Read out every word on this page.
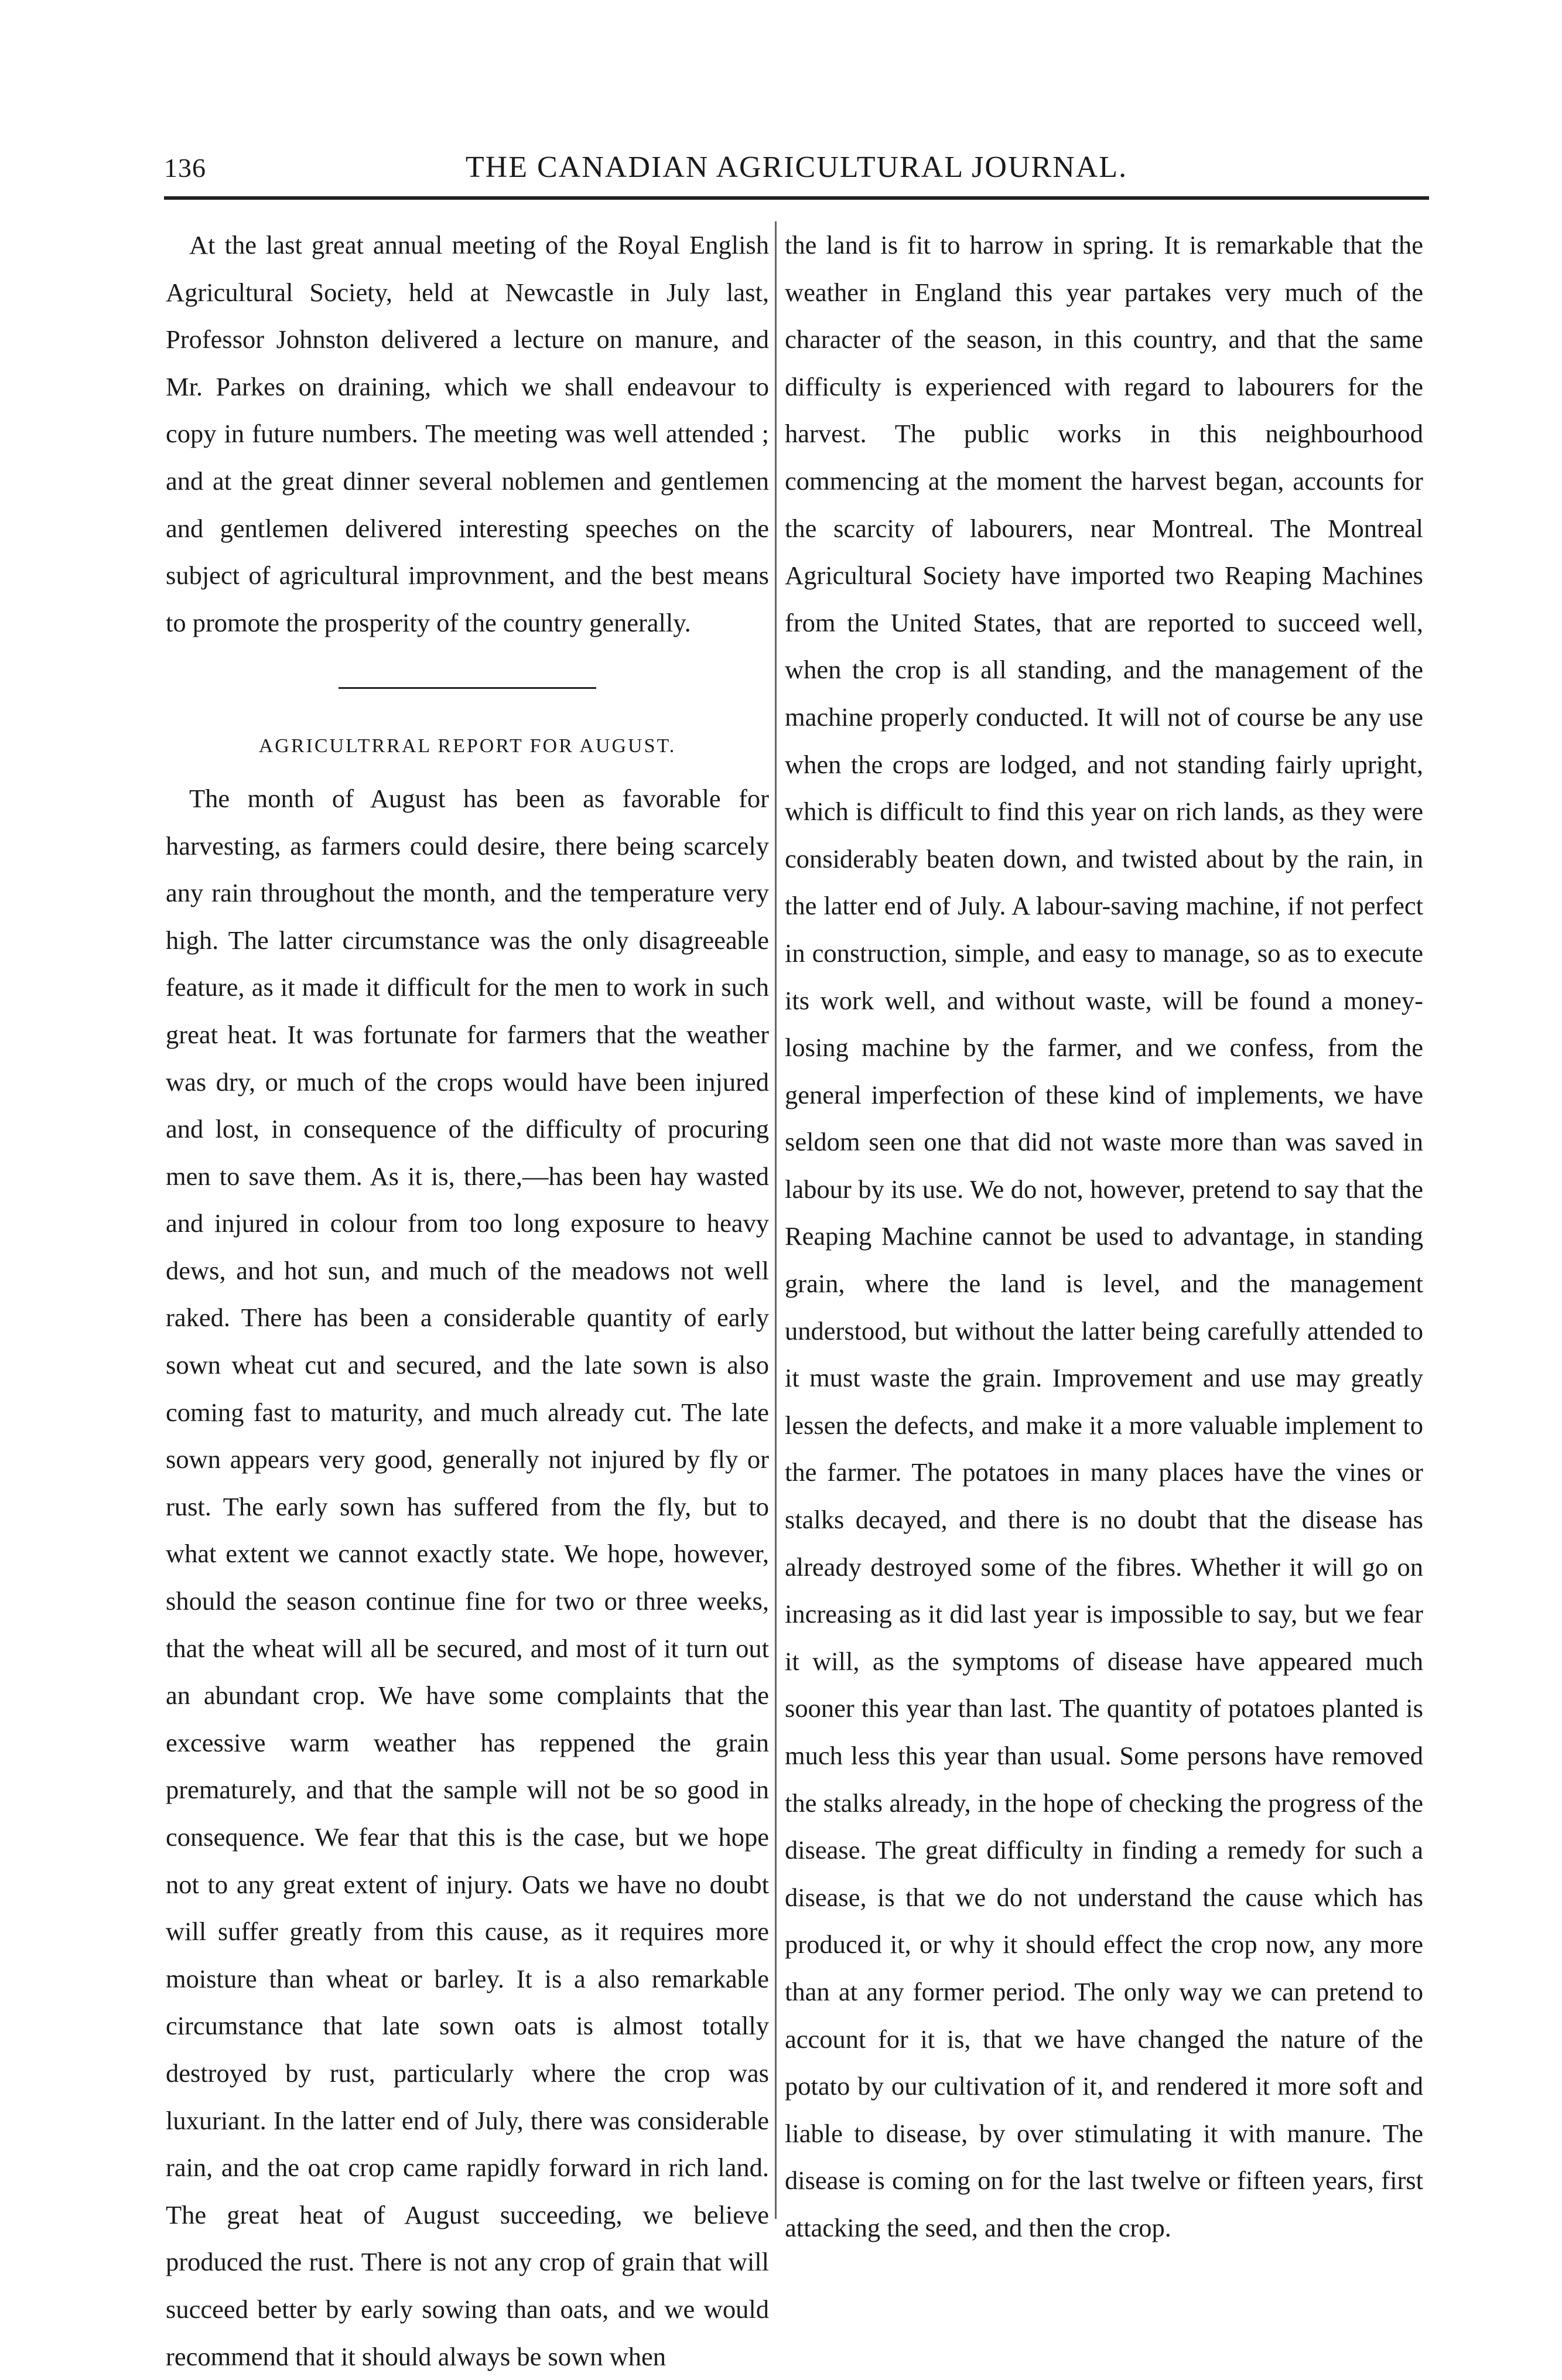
136	THE CANADIAN AGRICULTURAL JOURNAL.

At the last great annual meeting of the Royal English Agricultural Society, held at Newcastle in July last, Professor Johnston delivered a lecture on manure, and Mr. Parkes on draining, which we shall endeavour to copy in future numbers. The meeting was well attended ; and at the great dinner several noblemen and gentlemen and gentlemen delivered interesting speeches on the subject of agricultural improvnment, and the best means to promote the prosperity of the country generally.

AGRICULTRRAL REPORT FOR AUGUST.

The month of August has been as favorable for harvesting, as farmers could desire, there being scarcely any rain throughout the month, and the temperature very high. The latter circumstance was the only disagreeable feature, as it made it difficult for the men to work in such great heat. It was fortunate for farmers that the weather was dry, or much of the crops would have been injured and lost, in consequence of the difficulty of procuring men to save them. As it is, there,—has been hay wasted and injured in colour from too long exposure to heavy dews, and hot sun, and much of the meadows not well raked. There has been a considerable quantity of early sown wheat cut and secured, and the late sown is also coming fast to maturity, and much already cut. The late sown appears very good, generally not injured by fly or rust. The early sown has suffered from the fly, but to what extent we cannot exactly state. We hope, however, should the season continue fine for two or three weeks, that the wheat will all be secured, and most of it turn out an abundant crop. We have some complaints that the excessive warm weather has reppened the grain prematurely, and that the sample will not be so good in consequence. We fear that this is the case, but we hope not to any great extent of injury. Oats we have no doubt will suffer greatly from this cause, as it requires more moisture than wheat or barley. It is a also remarkable circumstance that late sown oats is almost totally destroyed by rust, particularly where the crop was luxuriant. In the latter end of July, there was considerable rain, and the oat crop came rapidly forward in rich land. The great heat of August succeeding, we believe produced the rust. There is not any crop of grain that will succeed better by early sowing than oats, and we would recommend that it should always be sown when

the land is fit to harrow in spring. It is remarkable that the weather in England this year partakes very much of the character of the season, in this country, and that the same difficulty is experienced with regard to labourers for the harvest. The public works in this neighbourhood commencing at the moment the harvest began, accounts for the scarcity of labourers, near Montreal. The Montreal Agricultural Society have imported two Reaping Machines from the United States, that are reported to succeed well, when the crop is all standing, and the management of the machine properly conducted. It will not of course be any use when the crops are lodged, and not standing fairly upright, which is difficult to find this year on rich lands, as they were considerably beaten down, and twisted about by the rain, in the latter end of July. A labour-saving machine, if not perfect in construction, simple, and easy to manage, so as to execute its work well, and without waste, will be found a money-losing machine by the farmer, and we confess, from the general imperfection of these kind of implements, we have seldom seen one that did not waste more than was saved in labour by its use. We do not, however, pretend to say that the Reaping Machine cannot be used to advantage, in standing grain, where the land is level, and the management understood, but without the latter being carefully attended to it must waste the grain. Improvement and use may greatly lessen the defects, and make it a more valuable implement to the farmer. The potatoes in many places have the vines or stalks decayed, and there is no doubt that the disease has already destroyed some of the fibres. Whether it will go on increasing as it did last year is impossible to say, but we fear it will, as the symptoms of disease have appeared much sooner this year than last. The quantity of potatoes planted is much less this year than usual. Some persons have removed the stalks already, in the hope of checking the progress of the disease. The great difficulty in finding a remedy for such a disease, is that we do not understand the cause which has produced it, or why it should effect the crop now, any more than at any former period. The only way we can pretend to account for it is, that we have changed the nature of the potato by our cultivation of it, and rendered it more soft and liable to disease, by over stimulating it with manure. The disease is coming on for the last twelve or fifteen years, first attacking the seed, and then the crop.
